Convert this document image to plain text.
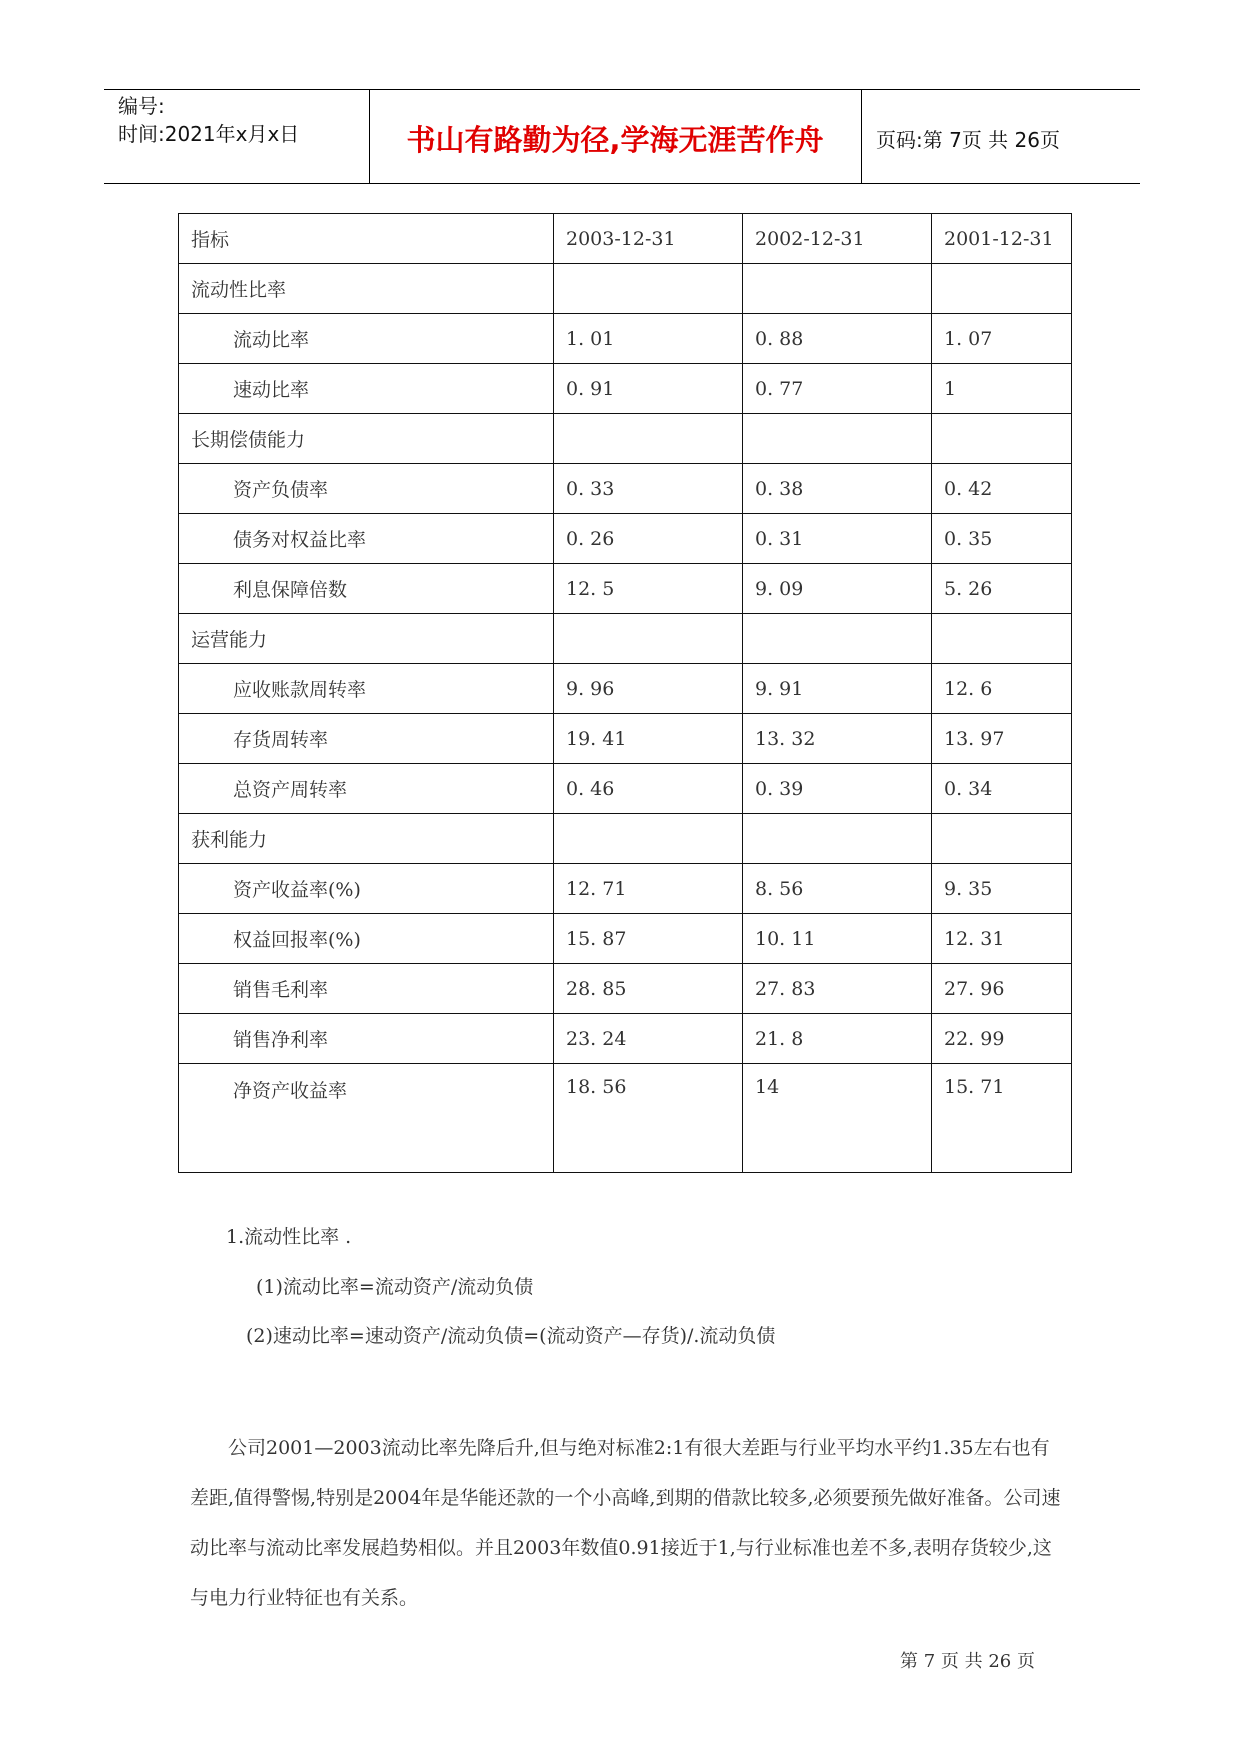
编号:
时间:2021年x月x日	书山有路勤为径,学海无涯苦作舟	页码:第 7页 共 26页
指标	2003-12-31	2002-12-31	2001-12-31
流动性比率			
流动比率	1. 01	0. 88	1. 07
速动比率	0. 91	0. 77	1
长期偿债能力			
资产负债率	0. 33	0. 38	0. 42
债务对权益比率	0. 26	0. 31	0. 35
利息保障倍数	12. 5	9. 09	5. 26
运营能力			
应收账款周转率	9. 96	9. 91	12. 6
存货周转率	19. 41	13. 32	13. 97
总资产周转率	0. 46	0. 39	0. 34
获利能力			
资产收益率(%)	12. 71	8. 56	9. 35
权益回报率(%)	15. 87	10. 11	12. 31
销售毛利率	28. 85	27. 83	27. 96
销售净利率	23. 24	21. 8	22. 99
净资产收益率	18. 56	14	15. 71
1.流动性比率 .
(1)流动比率=流动资产/流动负债
(2)速动比率=速动资产/流动负债=(流动资产—存货)/.流动负债
公司2001—2003流动比率先降后升,但与绝对标准2:1有很大差距与行业平均水平约1.35左右也有差距,值得警惕,特别是2004年是华能还款的一个小高峰,到期的借款比较多,必须要预先做好准备。公司速动比率与流动比率发展趋势相似。并且2003年数值0.91接近于1,与行业标准也差不多,表明存货较少,这与电力行业特征也有关系。
第 7 页 共 26 页
